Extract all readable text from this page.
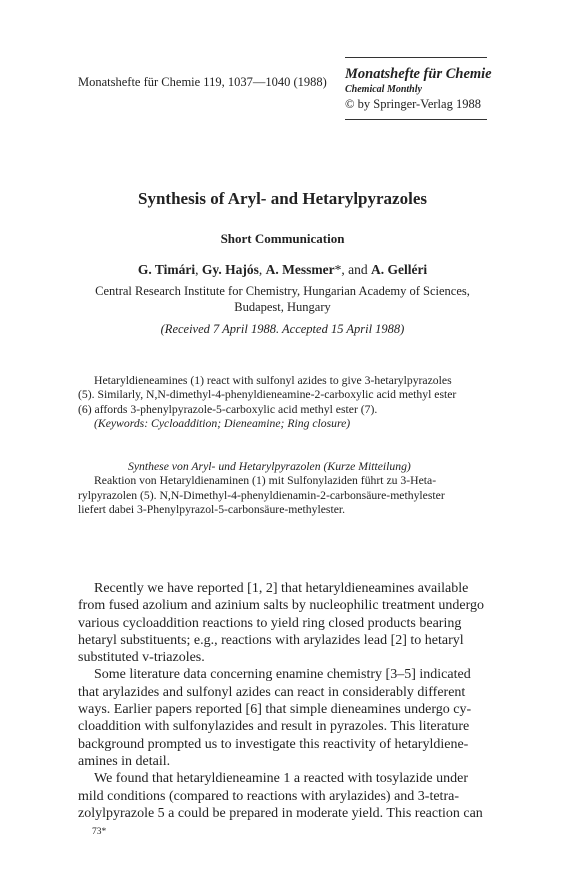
Monatshefte für Chemie 119, 1037—1040 (1988) Monatshefte für Chemie
Chemical Monthly
© by Springer-Verlag 1988
Synthesis of Aryl- and Hetarylpyrazoles
Short Communication
G. Timári, Gy. Hajós, A. Messmer*, and A. Gelléri
Central Research Institute for Chemistry, Hungarian Academy of Sciences,
Budapest, Hungary
(Received 7 April 1988. Accepted 15 April 1988)
Hetaryldieneamines (1) react with sulfonyl azides to give 3-hetarylpyrazoles
(5). Similarly, N,N-dimethyl-4-phenyldieneamine-2-carboxylic acid methyl ester
(6) affords 3-phenylpyrazole-5-carboxylic acid methyl ester (7).
(Keywords: Cycloaddition; Dieneamine; Ring closure)
Synthese von Aryl- und Hetarylpyrazolen (Kurze Mitteilung)
Reaktion von Hetaryldienaminen (1) mit Sulfonylaziden führt zu 3-Heta-
rylpyrazolen (5). N,N-Dimethyl-4-phenyldienamin-2-carbonsäure-methylester
liefert dabei 3-Phenylpyrazol-5-carbonsäure-methylester.
Recently we have reported [1, 2] that hetaryldieneamines available
from fused azolium and azinium salts by nucleophilic treatment undergo
various cycloaddition reactions to yield ring closed products bearing
hetaryl substituents; e.g., reactions with arylazides lead [2] to hetaryl
substituted v-triazoles.
Some literature data concerning enamine chemistry [3–5] indicated
that arylazides and sulfonyl azides can react in considerably different
ways. Earlier papers reported [6] that simple dieneamines undergo cy-
cloaddition with sulfonylazides and result in pyrazoles. This literature
background prompted us to investigate this reactivity of hetaryldiene-
amines in detail.
We found that hetaryldieneamine 1 a reacted with tosylazide under
mild conditions (compared to reactions with arylazides) and 3-tetra-
zolylpyrazole 5 a could be prepared in moderate yield. This reaction can
73*
